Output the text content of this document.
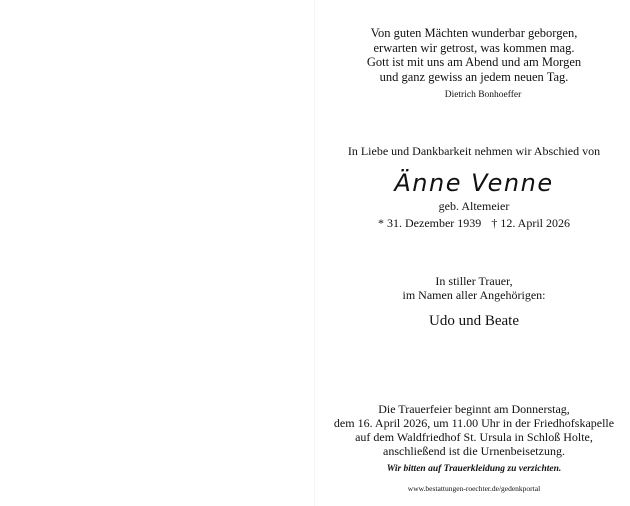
Von guten Mächten wunderbar geborgen,
erwarten wir getrost, was kommen mag.
Gott ist mit uns am Abend und am Morgen
und ganz gewiss an jedem neuen Tag.
Dietrich Bonhoeffer
In Liebe und Dankbarkeit nehmen wir Abschied von
Änne Venne
geb. Altemeier
* 31. Dezember 1939 † 12. April 2026
In stiller Trauer,
im Namen aller Angehörigen:
Udo und Beate
Die Trauerfeier beginnt am Donnerstag,
dem 16. April 2026, um 11.00 Uhr in der Friedhofskapelle
auf dem Waldfriedhof St. Ursula in Schloß Holte,
anschließend ist die Urnenbeisetzung.
Wir bitten auf Trauerkleidung zu verzichten.
www.bestattungen-roechter.de/gedenkportal
